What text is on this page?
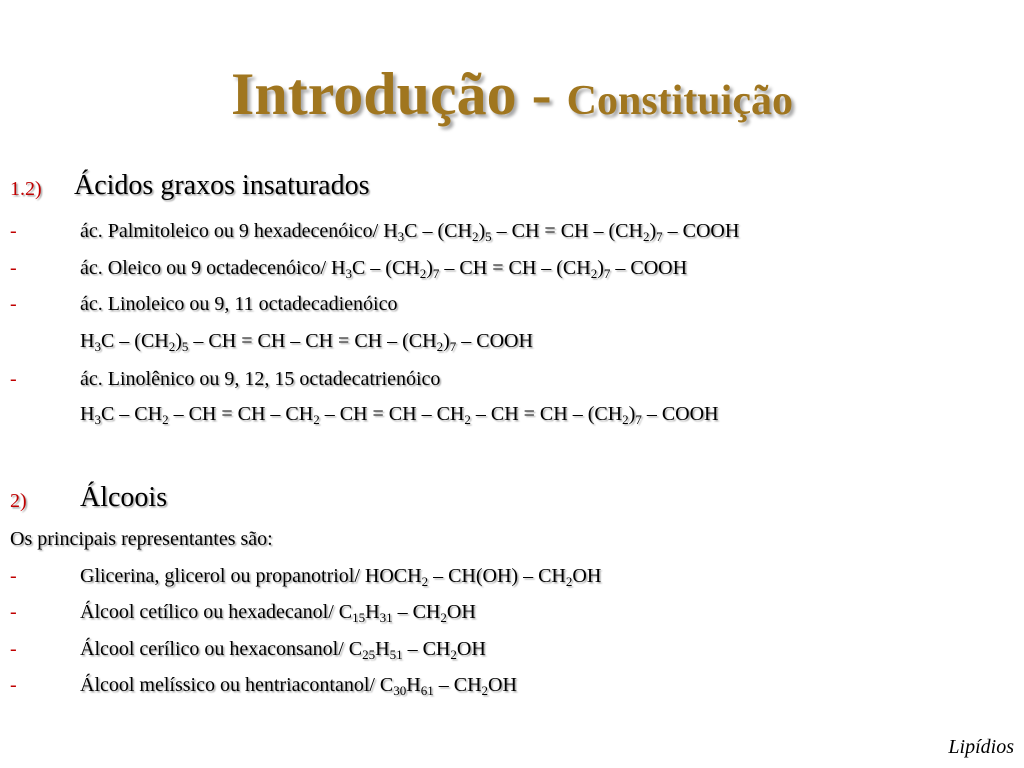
Introdução - Constituição
1.2) Ácidos graxos insaturados
-	ác. Palmitoleico ou 9 hexadecenóico/ $H_3C - (CH_2)_5$ – CH = CH – $(CH_2)_7$ – COOH
-	ác. Oleico ou 9 octadecenóico/ $H_3C - (CH_2)_7$ – CH = CH – $(CH_2)_7$ – COOH
-	ác. Linoleico ou 9, 11 octadecadienóico
$H_3C - (CH_2)_5$ – CH = CH – CH = CH – $(CH_2)_7$ – COOH
-	ác. Linolênico ou 9, 12, 15 octadecatrienóico
$H_3C - CH_2$ – CH = CH – $CH_2$ – CH = CH – $CH_2$ – CH = CH – $(CH_2)_7$ – COOH
2) Álcoois
Os principais representantes são:
-	Glicerina, glicerol ou propanotriol/ $HOCH_2 - CH(OH) - CH_2OH$
-	Álcool cetílico ou hexadecanol/ $C_{15}H_{31} - CH_2OH$
-	Álcool cerílico ou hexaconsanol/ $C_{25}H_{51} - CH_2OH$
-	Álcool melíssico ou hentriacontanol/ $C_{30}H_{61} - CH_2OH$
Lipídios
